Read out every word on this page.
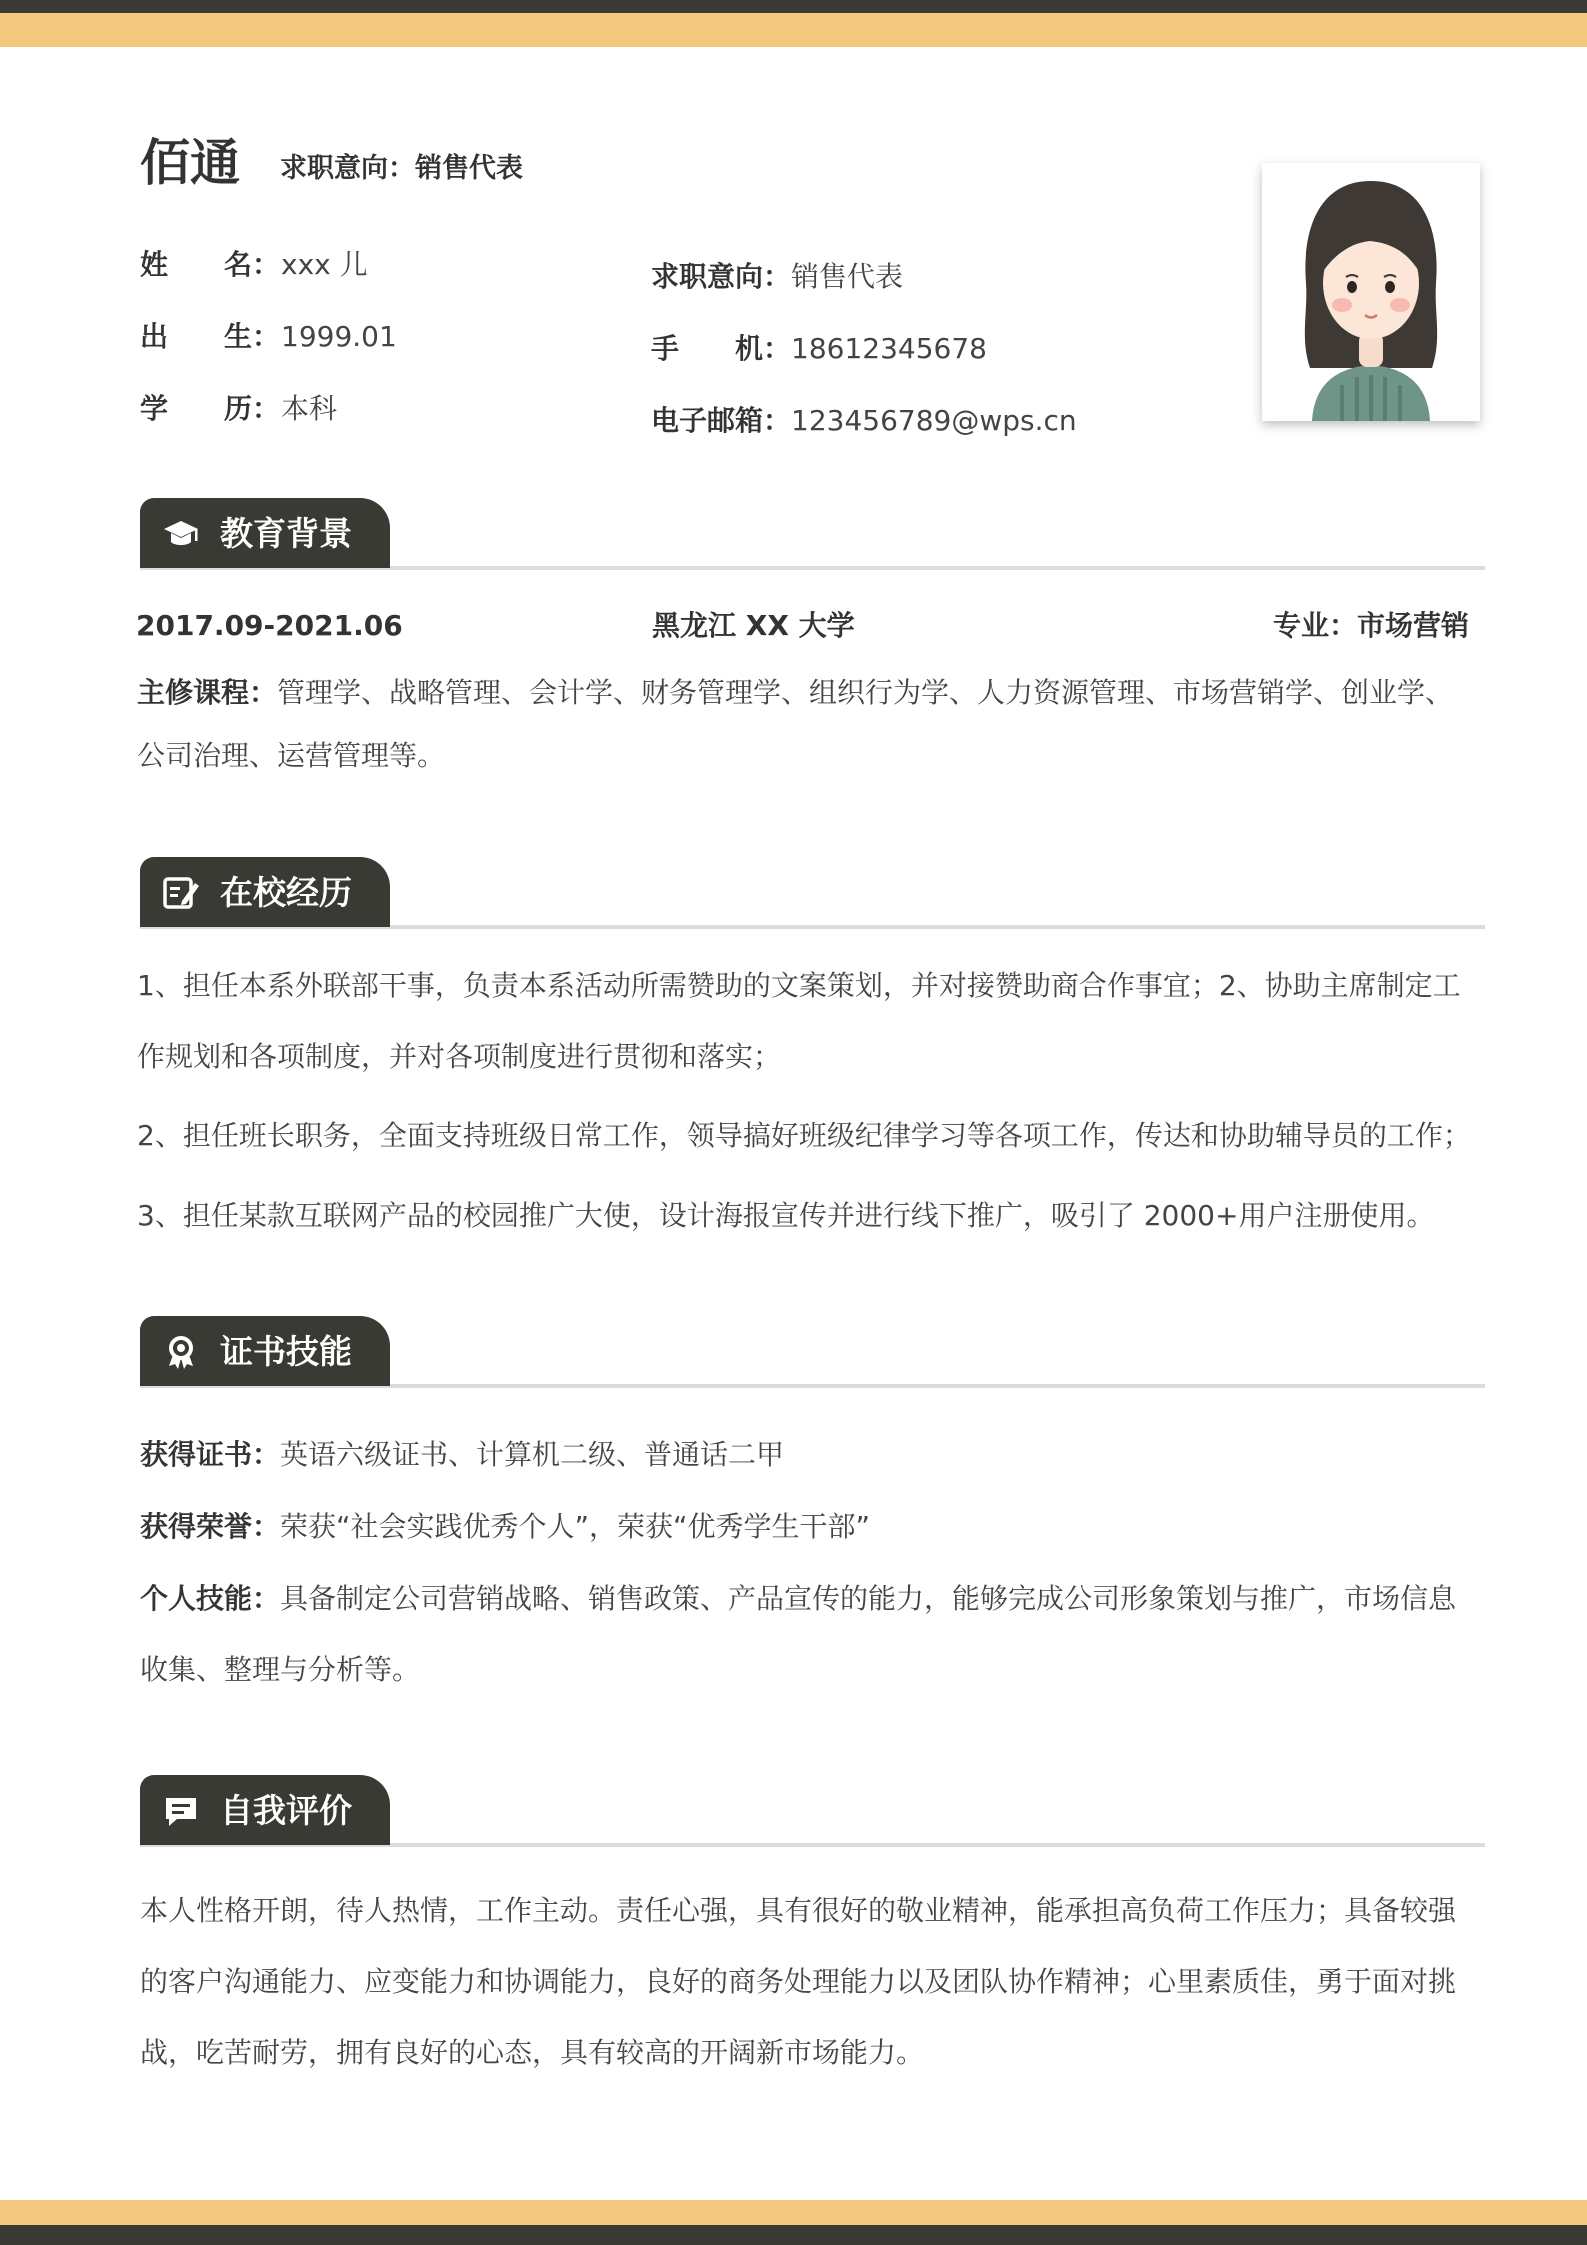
佰通 求职意向：销售代表
姓　　名： xxx 儿
出　　生： 1999.01
学　　历： 本科
求职意向： 销售代表
手　　机： 18612345678
电子邮箱： 123456789@wps.cn
教育背景
2017.09-2021.06	黑龙江 XX 大学	专业：市场营销
主修课程：管理学、战略管理、会计学、财务管理学、组织行为学、人力资源管理、市场营销学、创业学、公司治理、运营管理等。
在校经历
1、担任本系外联部干事，负责本系活动所需赞助的文案策划，并对接赞助商合作事宜；2、协助主席制定工作规划和各项制度，并对各项制度进行贯彻和落实；
2、担任班长职务，全面支持班级日常工作，领导搞好班级纪律学习等各项工作，传达和协助辅导员的工作；
3、担任某款互联网产品的校园推广大使，设计海报宣传并进行线下推广，吸引了 2000+用户注册使用。
证书技能
获得证书：英语六级证书、计算机二级、普通话二甲
获得荣誉：荣获“社会实践优秀个人”，荣获“优秀学生干部”
个人技能：具备制定公司营销战略、销售政策、产品宣传的能力，能够完成公司形象策划与推广，市场信息收集、整理与分析等。
自我评价
本人性格开朗，待人热情，工作主动。责任心强，具有很好的敬业精神，能承担高负荷工作压力；具备较强的客户沟通能力、应变能力和协调能力，良好的商务处理能力以及团队协作精神；心里素质佳，勇于面对挑战，吃苦耐劳，拥有良好的心态，具有较高的开阔新市场能力。
